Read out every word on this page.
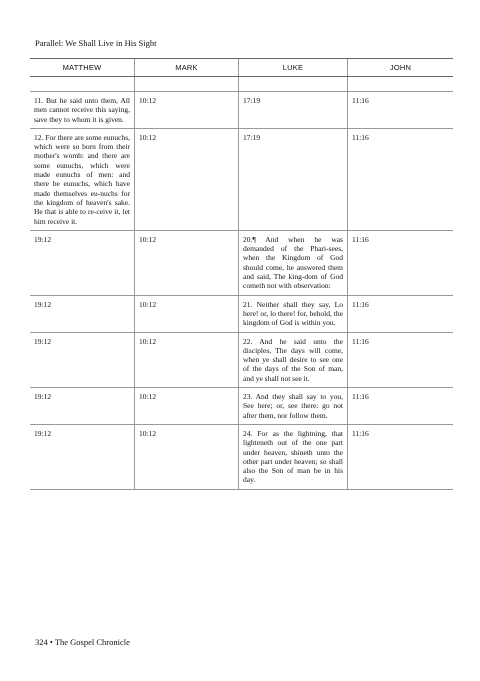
Parallel: We Shall Live in His Sight
MATTHEW	MARK	LUKE	JOHN

11. But he said unto them, All men cannot receive this saying, save they to whom it is given.	10:12	17:19	11:16
12. For there are some eunuchs, which were so born from their mother's womb: and there are some eunuchs, which were made eunuchs of men: and there be eunuchs, which have made themselves eu-nuchs for the kingdom of heaven's sake. He that is able to re-ceive it, let him receive it.	10:12	17:19	11:16
19:12	10:12	20.¶ And when he was demanded of the Phari-sees, when the Kingdom of God should come, he answered them and said, The king-dom of God cometh not with observation:	11:16
19:12	10:12	21. Neither shall they say, Lo here! or, lo there! for, behold, the kingdom of God is within you.	11:16
19:12	10:12	22. And he said unto the disciples, The days will come, when ye shall desire to see one of the days of the Son of man, and ye shall not see it.	11:16
19:12	10:12	23. And they shall say to you, See here; or, see there: go not after them, nor follow them.	11:16
19:12	10:12	24. For as the lightning, that lighteneth out of the one part under heaven, shineth unto the other part under heaven; so shall also the Son of man be in his day.	11:16
324 • The Gospel Chronicle
